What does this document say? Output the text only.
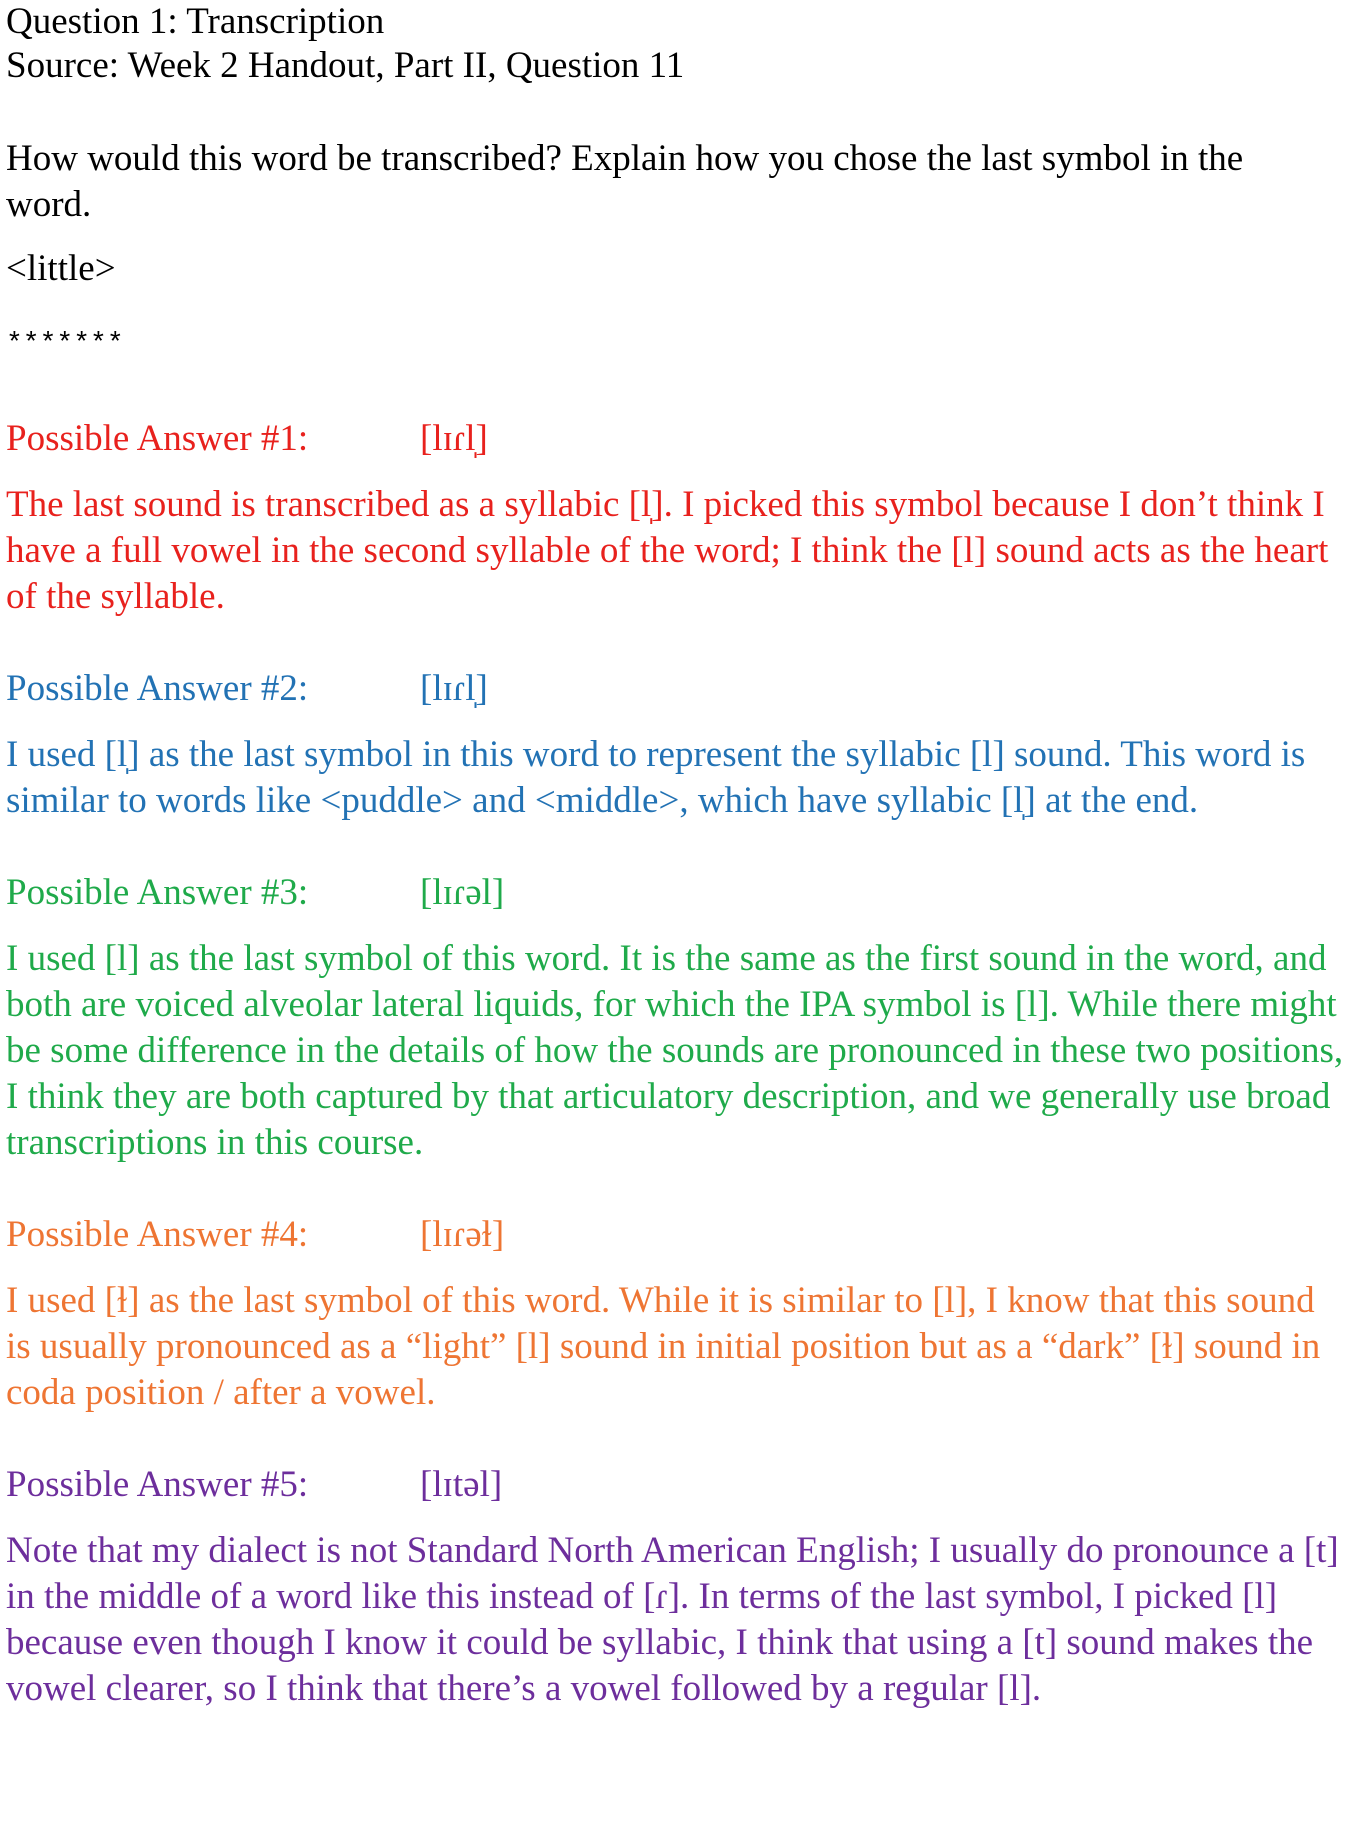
Question 1: Transcription
Source: Week 2 Handout, Part II, Question 11
How would this word be transcribed? Explain how you chose the last symbol in the word.
<little>
*******
Possible Answer #1:	[lɪɾl̩]
The last sound is transcribed as a syllabic [l̩]. I picked this symbol because I don’t think I have a full vowel in the second syllable of the word; I think the [l] sound acts as the heart of the syllable.
Possible Answer #2:	[lɪɾl̩]
I used [l̩] as the last symbol in this word to represent the syllabic [l] sound. This word is similar to words like <puddle> and <middle>, which have syllabic [l̩] at the end.
Possible Answer #3:	[lɪɾəl]
I used [l] as the last symbol of this word. It is the same as the first sound in the word, and both are voiced alveolar lateral liquids, for which the IPA symbol is [l]. While there might be some difference in the details of how the sounds are pronounced in these two positions, I think they are both captured by that articulatory description, and we generally use broad transcriptions in this course.
Possible Answer #4:	[lɪɾəɫ]
I used [ɫ] as the last symbol of this word. While it is similar to [l], I know that this sound is usually pronounced as a “light” [l] sound in initial position but as a “dark” [ɫ] sound in coda position / after a vowel.
Possible Answer #5:	[lɪtəl]
Note that my dialect is not Standard North American English; I usually do pronounce a [t] in the middle of a word like this instead of [ɾ]. In terms of the last symbol, I picked [l] because even though I know it could be syllabic, I think that using a [t] sound makes the vowel clearer, so I think that there’s a vowel followed by a regular [l].
